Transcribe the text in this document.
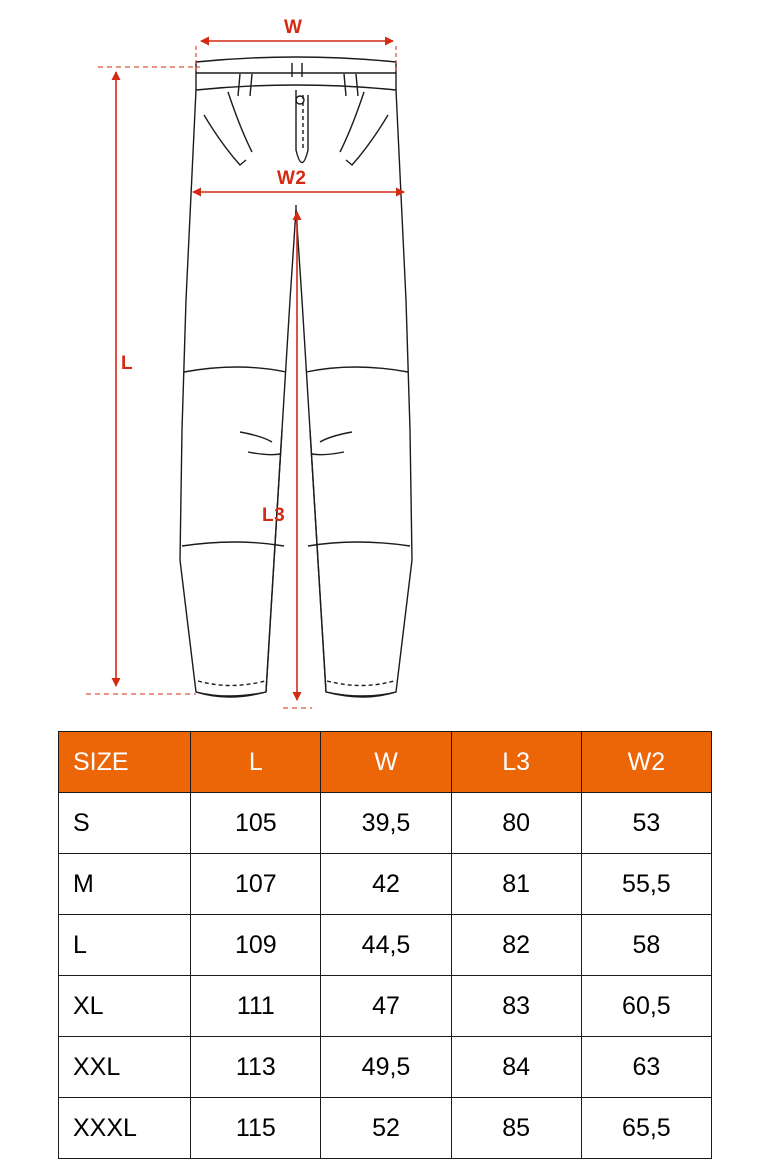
W
W2
L
L3
SIZE	L	W	L3	W2
S	105	39,5	80	53
M	107	42	81	55,5
L	109	44,5	82	58
XL	111	47	83	60,5
XXL	113	49,5	84	63
XXXL	115	52	85	65,5
